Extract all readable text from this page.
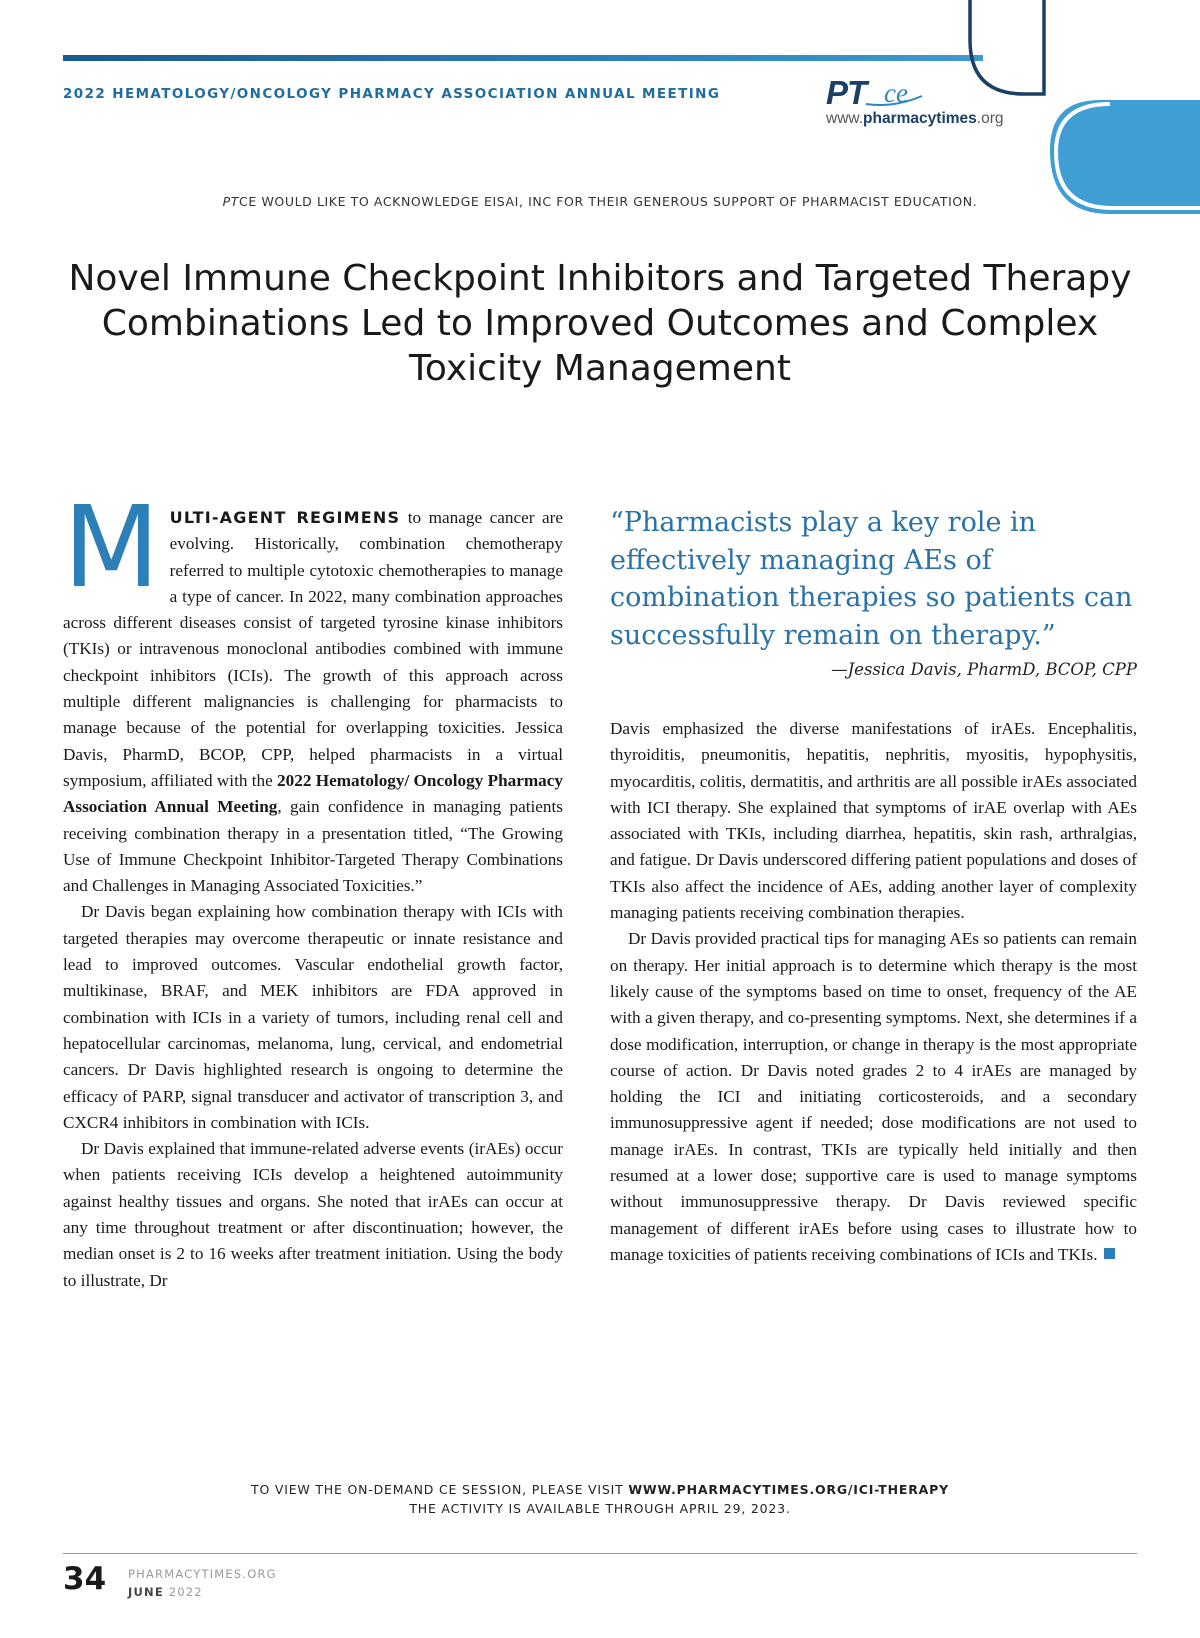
2022 HEMATOLOGY/ONCOLOGY PHARMACY ASSOCIATION ANNUAL MEETING	PT ce
www.pharmacytimes.org
PTCE WOULD LIKE TO ACKNOWLEDGE EISAI, INC FOR THEIR GENEROUS SUPPORT OF PHARMACIST EDUCATION.
Novel Immune Checkpoint Inhibitors and Targeted Therapy Combinations Led to Improved Outcomes and Complex Toxicity Management

MULTI-AGENT REGIMENS to manage cancer are evolving. Historically, combination chemotherapy referred to multiple cytotoxic chemotherapies to manage a type of cancer. In 2022, many combination approaches across different diseases consist of targeted tyrosine kinase inhibitors (TKIs) or intravenous monoclonal antibodies combined with immune checkpoint inhibitors (ICIs). The growth of this approach across multiple different malignancies is challenging for pharmacists to manage because of the potential for overlapping toxicities. Jessica Davis, PharmD, BCOP, CPP, helped pharmacists in a virtual symposium, affiliated with the 2022 Hematology/ Oncology Pharmacy Association Annual Meeting, gain confidence in managing patients receiving combination therapy in a presentation titled, “The Growing Use of Immune Checkpoint Inhibitor-Targeted Therapy Combinations and Challenges in Managing Associated Toxicities.”

Dr Davis began explaining how combination therapy with ICIs with targeted therapies may overcome therapeutic or innate resistance and lead to improved outcomes. Vascular endothelial growth factor, multikinase, BRAF, and MEK inhibitors are FDA approved in combination with ICIs in a variety of tumors, including renal cell and hepatocellular carcinomas, melanoma, lung, cervical, and endometrial cancers. Dr Davis highlighted research is ongoing to determine the efficacy of PARP, signal transducer and activator of transcription 3, and CXCR4 inhibitors in combination with ICIs.

Dr Davis explained that immune-related adverse events (irAEs) occur when patients receiving ICIs develop a heightened autoimmunity against healthy tissues and organs. She noted that irAEs can occur at any time throughout treatment or after discontinuation; however, the median onset is 2 to 16 weeks after treatment initiation. Using the body to illustrate, Dr

“Pharmacists play a key role in effectively managing AEs of combination therapies so patients can successfully remain on therapy.”
—Jessica Davis, PharmD, BCOP, CPP

Davis emphasized the diverse manifestations of irAEs. Encephalitis, thyroiditis, pneumonitis, hepatitis, nephritis, myositis, hypophysitis, myocarditis, colitis, dermatitis, and arthritis are all possible irAEs associated with ICI therapy. She explained that symptoms of irAE overlap with AEs associated with TKIs, including diarrhea, hepatitis, skin rash, arthralgias, and fatigue. Dr Davis underscored differing patient populations and doses of TKIs also affect the incidence of AEs, adding another layer of complexity managing patients receiving combination therapies.

Dr Davis provided practical tips for managing AEs so patients can remain on therapy. Her initial approach is to determine which therapy is the most likely cause of the symptoms based on time to onset, frequency of the AE with a given therapy, and co-presenting symptoms. Next, she determines if a dose modification, interruption, or change in therapy is the most appropriate course of action. Dr Davis noted grades 2 to 4 irAEs are managed by holding the ICI and initiating corticosteroids, and a secondary immunosuppressive agent if needed; dose modifications are not used to manage irAEs. In contrast, TKIs are typically held initially and then resumed at a lower dose; supportive care is used to manage symptoms without immunosuppressive therapy. Dr Davis reviewed specific management of different irAEs before using cases to illustrate how to manage toxicities of patients receiving combinations of ICIs and TKIs.

TO VIEW THE ON-DEMAND CE SESSION, PLEASE VISIT WWW.PHARMACYTIMES.ORG/ICI-THERAPY
THE ACTIVITY IS AVAILABLE THROUGH APRIL 29, 2023.
34 PHARMACYTIMES.ORG
JUNE 2022
